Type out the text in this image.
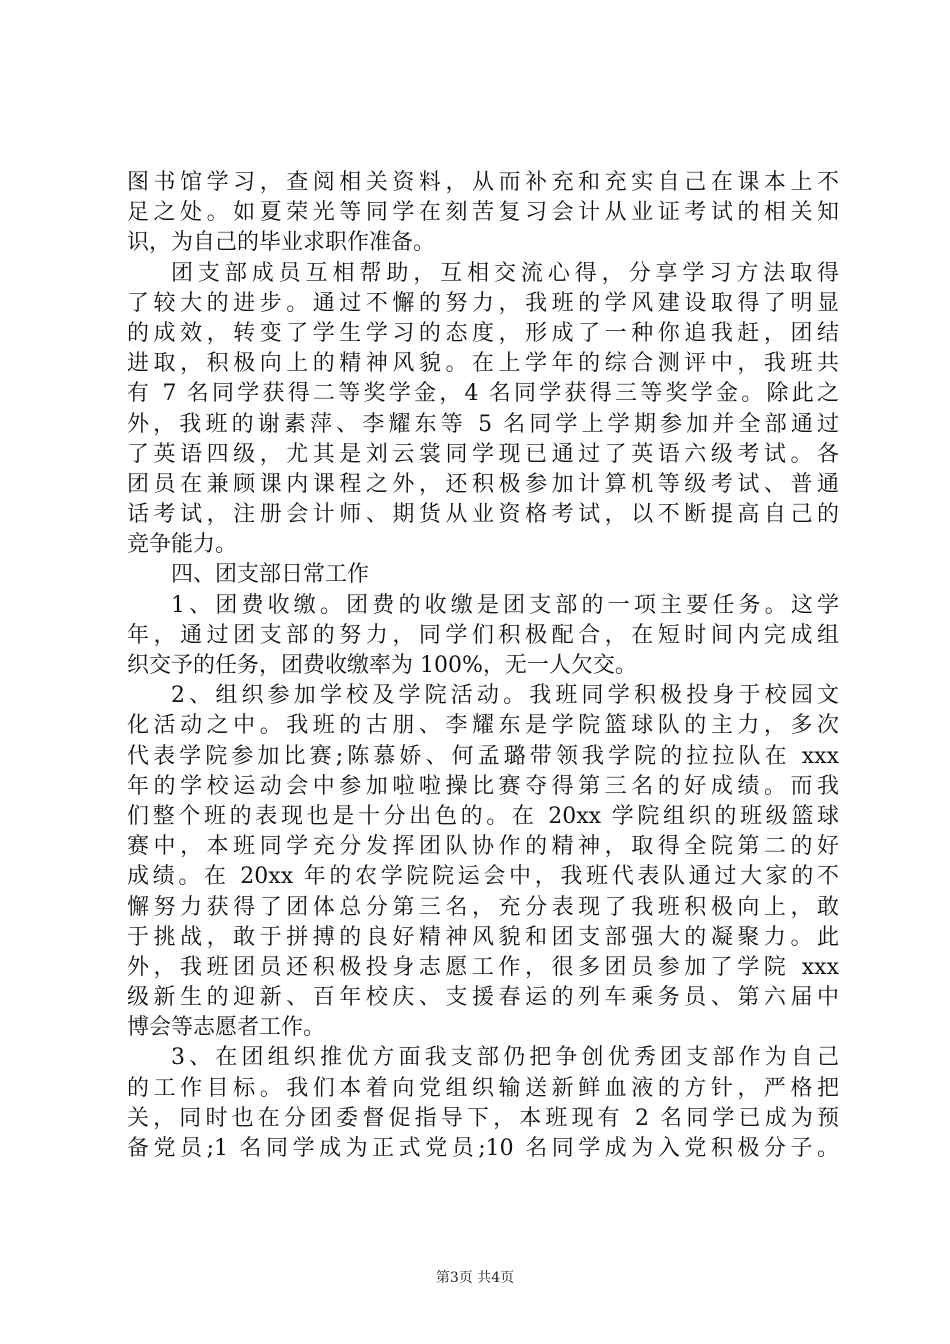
图书馆学习，查阅相关资料，从而补充和充实自己在课本上不
足之处。如夏荣光等同学在刻苦复习会计从业证考试的相关知
识，为自己的毕业求职作准备。
团支部成员互相帮助，互相交流心得，分享学习方法取得
了较大的进步。通过不懈的努力，我班的学风建设取得了明显
的成效，转变了学生学习的态度，形成了一种你追我赶，团结
进取，积极向上的精神风貌。在上学年的综合测评中，我班共
有 7 名同学获得二等奖学金，4 名同学获得三等奖学金。除此之
外，我班的谢素萍、李耀东等 5 名同学上学期参加并全部通过
了英语四级，尤其是刘云裳同学现已通过了英语六级考试。各
团员在兼顾课内课程之外，还积极参加计算机等级考试、普通
话考试，注册会计师、期货从业资格考试，以不断提高自己的
竞争能力。
四、团支部日常工作
1、团费收缴。团费的收缴是团支部的一项主要任务。这学
年，通过团支部的努力，同学们积极配合，在短时间内完成组
织交予的任务，团费收缴率为 100%，无一人欠交。
2、组织参加学校及学院活动。我班同学积极投身于校园文
化活动之中。我班的古朋、李耀东是学院篮球队的主力，多次
代表学院参加比赛;陈慕娇、何孟璐带领我学院的拉拉队在 xxx
年的学校运动会中参加啦啦操比赛夺得第三名的好成绩。而我
们整个班的表现也是十分出色的。在 20xx 学院组织的班级篮球
赛中，本班同学充分发挥团队协作的精神，取得全院第二的好
成绩。在 20xx 年的农学院院运会中，我班代表队通过大家的不
懈努力获得了团体总分第三名，充分表现了我班积极向上，敢
于挑战，敢于拼搏的良好精神风貌和团支部强大的凝聚力。此
外，我班团员还积极投身志愿工作，很多团员参加了学院 xxx
级新生的迎新、百年校庆、支援春运的列车乘务员、第六届中
博会等志愿者工作。
3、在团组织推优方面我支部仍把争创优秀团支部作为自己
的工作目标。我们本着向党组织输送新鲜血液的方针，严格把
关，同时也在分团委督促指导下，本班现有 2 名同学已成为预
备党员;1 名同学成为正式党员;10 名同学成为入党积极分子。
第3页 共4页
